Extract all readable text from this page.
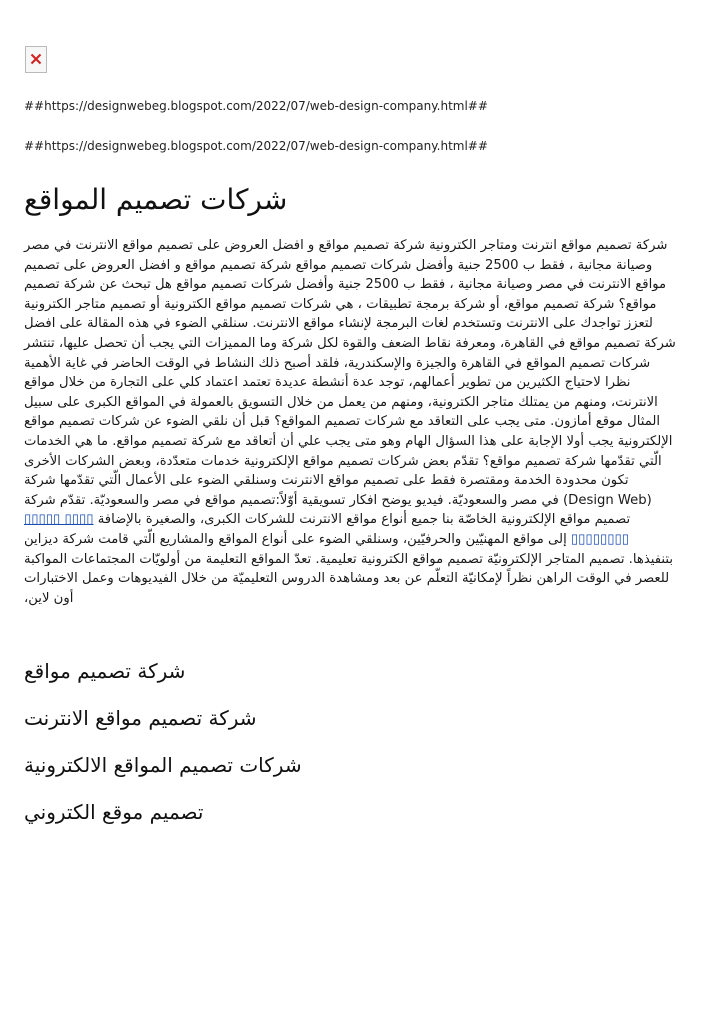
##https://designwebeg.blogspot.com/2022/07/web-design-company.html##
##https://designwebeg.blogspot.com/2022/07/web-design-company.html##
شركات تصميم المواقع

شركة تصميم مواقع انترنت ومتاجر الكترونية شركة تصميم مواقع و افضل العروض على تصميم مواقع الانترنت في مصر وصيانة مجانية ، فقط ب 2500 جنية وأفضل شركات تصميم مواقع شركة تصميم مواقع و افضل العروض على تصميم مواقع الانترنت في مصر وصيانة مجانية ، فقط ب 2500 جنية وأفضل شركات تصميم مواقع هل تبحث عن شركة تصميم مواقع؟ شركة تصميم مواقع، أو شركة برمجة تطبيقات ، هي شركات تصميم مواقع الكترونية أو تصميم متاجر الكترونية لتعزز تواجدك على الانترنت وتستخدم لغات البرمجة لإنشاء مواقع الانترنت. سنلقي الضوء في هذه المقالة على افضل شركة تصميم مواقع في القاهرة، ومعرفة نقاط الضعف والقوة لكل شركة وما المميزات التي يجب أن تحصل عليها، تنتشر شركات تصميم المواقع في القاهرة والجيزة والإسكندرية، فلقد أصبح ذلك النشاط في الوقت الحاضر في غاية الأهمية نظرا لاحتياج الكثيرين من تطوير أعمالهم، توجد عدة أنشطة عديدة تعتمد اعتماد كلي على التجارة من خلال مواقع الانترنت، ومنهم من يمتلك متاجر الكترونية، ومنهم من يعمل من خلال التسويق بالعمولة في المواقع الكبرى على سبيل المثال موقع أمازون. متى يجب على التعاقد مع شركات تصميم المواقع؟ قبل أن نلقي الضوء عن شركات تصميم مواقع الإلكترونية يجب أولا الإجابة على هذا السؤال الهام وهو متى يجب علي أن أتعاقد مع شركة تصميم مواقع. ما هي الخدمات الّتي تقدّمها شركة تصميم مواقع؟ تقدّم بعض شركات تصميم مواقع الإلكترونية خدمات متعدّدة، وبعض الشركات الأخرى تكون محدودة الخدمة ومقتصرة فقط على تصميم مواقع الانترنت وسنلقي الضوء على الأعمال الّتي تقدّمها شركة (Design Web) في مصر والسعوديّة. فيديو يوضح افكار تسويقية أوّلاً:تصميم مواقع في مصر والسعوديّة. تقدّم شركة تصميم مواقع الإلكترونية الخاصّة بنا جميع أنواع مواقع الانترنت للشركات الكبرى، والصغيرة بالإضافة ▯▯▯▯ ▯▯▯▯▯ ▯▯▯▯▯▯▯▯ إلى مواقع المهنيّين والحرفيّين، وسنلقي الضوء على أنواع المواقع والمشاريع الّتي قامت شركة ديزاين بتنفيذها. تصميم المتاجر الإلكترونيّة تصميم مواقع الكترونية تعليمية. تعدّ المواقع التعليمة من أولويّات المجتماعات المواكبة للعصر في الوقت الراهن نظراً لإمكانيّة التعلّم عن بعد ومشاهدة الدروس التعليميّة من خلال الفيديوهات وعمل الاختبارات أون لاين،

شركة تصميم مواقع
شركة تصميم مواقع الانترنت
شركات تصميم المواقع الالكترونية
تصميم موقع الكتروني
